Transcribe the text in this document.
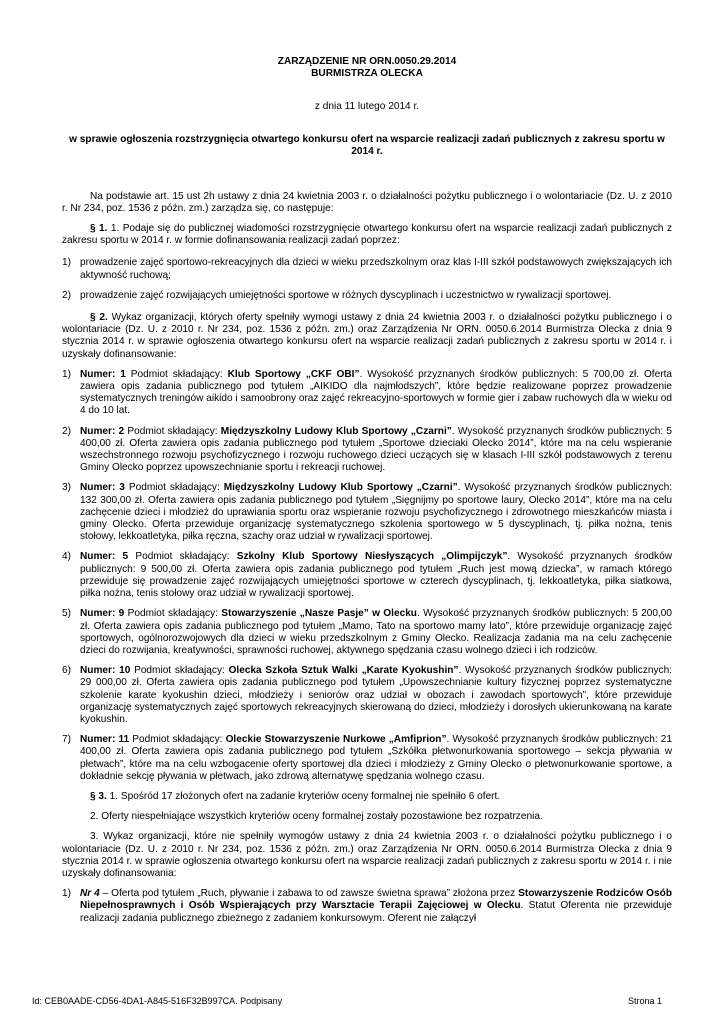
ZARZĄDZENIE NR ORN.0050.29.2014
BURMISTRZA OLECKA
z dnia 11 lutego 2014 r.
w sprawie ogłoszenia rozstrzygnięcia otwartego konkursu ofert na wsparcie realizacji zadań publicznych z zakresu sportu w 2014 r.

Na podstawie art. 15 ust 2h ustawy z dnia 24 kwietnia 2003 r. o działalności pożytku publicznego i o wolontariacie (Dz. U. z 2010 r. Nr 234, poz. 1536 z późn. zm.) zarządza się, co następuje:

§ 1. 1. Podaje się do publicznej wiadomości rozstrzygnięcie otwartego konkursu ofert na wsparcie realizacji zadań publicznych z zakresu sportu w 2014 r. w formie dofinansowania realizacji zadań poprzez:

1) prowadzenie zajęć sportowo-rekreacyjnych dla dzieci w wieku przedszkolnym oraz klas I-III szkół podstawowych zwiększających ich aktywność ruchową;
2) prowadzenie zajęć rozwijających umiejętności sportowe w różnych dyscyplinach i uczestnictwo w rywalizacji sportowej.

§ 2. Wykaz organizacji, których oferty spełniły wymogi ustawy z dnia 24 kwietnia 2003 r. o działalności pożytku publicznego i o wolontariacie (Dz. U. z 2010 r. Nr 234, poz. 1536 z późn. zm.) oraz Zarządzenia Nr ORN. 0050.6.2014 Burmistrza Olecka z dnia 9 stycznia 2014 r. w sprawie ogłoszenia otwartego konkursu ofert na wsparcie realizacji zadań publicznych z zakresu sportu w 2014 r. i uzyskały dofinansowanie:

1) Numer: 1 Podmiot składający: Klub Sportowy „CKF OBI”. Wysokość przyznanych środków publicznych: 5 700,00 zł. Oferta zawiera opis zadania publicznego pod tytułem „AIKIDO dla najmłodszych”, które będzie realizowane poprzez prowadzenie systematycznych treningów aikido i samoobrony oraz zajęć rekreacyjno-sportowych w formie gier i zabaw ruchowych dla w wieku od 4 do 10 lat.
2) Numer: 2 Podmiot składający: Międzyszkolny Ludowy Klub Sportowy „Czarni”. Wysokość przyznanych środków publicznych: 5 400,00 zł. Oferta zawiera opis zadania publicznego pod tytułem „Sportowe dzieciaki Olecko 2014”, które ma na celu wspieranie wszechstronnego rozwoju psychofizycznego i rozwoju ruchowego dzieci uczących się w klasach I-III szkół podstawowych z terenu Gminy Olecko poprzez upowszechnianie sportu i rekreacji ruchowej.
3) Numer: 3 Podmiot składający: Międzyszkolny Ludowy Klub Sportowy „Czarni”. Wysokość przyznanych środków publicznych: 132 300,00 zł. Oferta zawiera opis zadania publicznego pod tytułem „Sięgnijmy po sportowe laury, Olecko 2014”, które ma na celu zachęcenie dzieci i młodzież do uprawiania sportu oraz wspieranie rozwoju psychofizycznego i zdrowotnego mieszkańców miasta i gminy Olecko. Oferta przewiduje organizację systematycznego szkolenia sportowego w 5 dyscyplinach, tj. piłka nożna, tenis stołowy, lekkoatletyka, piłka ręczna, szachy oraz udział w rywalizacji sportowej.
4) Numer: 5 Podmiot składający: Szkolny Klub Sportowy Niesłyszących „Olimpijczyk”. Wysokość przyznanych środków publicznych: 9 500,00 zł. Oferta zawiera opis zadania publicznego pod tytułem „Ruch jest mową dziecka”, w ramach którego przewiduje się prowadzenie zajęć rozwijających umiejętności sportowe w czterech dyscyplinach, tj. lekkoatletyka, piłka siatkowa, piłka nożna, tenis stołowy oraz udział w rywalizacji sportowej.
5) Numer: 9 Podmiot składający: Stowarzyszenie „Nasze Pasje” w Olecku. Wysokość przyznanych środków publicznych: 5 200,00 zł. Oferta zawiera opis zadania publicznego pod tytułem „Mamo, Tato na sportowo mamy lato”, które przewiduje organizację zajęć sportowych, ogólnorozwojowych dla dzieci w wieku przedszkolnym z Gminy Olecko. Realizacja zadania ma na celu zachęcenie dzieci do rozwijania, kreatywności, sprawności ruchowej, aktywnego spędzania czasu wolnego dzieci i ich rodziców.
6) Numer: 10 Podmiot składający: Olecka Szkoła Sztuk Walki „Karate Kyokushin”. Wysokość przyznanych środków publicznych: 29 000,00 zł. Oferta zawiera opis zadania publicznego pod tytułem „Upowszechnianie kultury fizycznej poprzez systematyczne szkolenie karate kyokushin dzieci, młodzieży i seniorów oraz udział w obozach i zawodach sportowych”, które przewiduje organizację systematycznych zajęć sportowych rekreacyjnych skierowaną do dzieci, młodzieży i dorosłych ukierunkowaną na karate kyokushin.
7) Numer: 11 Podmiot składający: Oleckie Stowarzyszenie Nurkowe „Amfiprion”. Wysokość przyznanych środków publicznych: 21 400,00 zł. Oferta zawiera opis zadania publicznego pod tytułem „Szkółka płetwonurkowania sportowego – sekcja pływania w płetwach”, które ma na celu wzbogacenie oferty sportowej dla dzieci i młodzieży z Gminy Olecko o płetwonurkowanie sportowe, a dokładnie sekcję pływania w płetwach, jako zdrową alternatywę spędzania wolnego czasu.

§ 3. 1. Spośród 17 złożonych ofert na zadanie kryteriów oceny formalnej nie spełniło 6 ofert.

2. Oferty niespełniające wszystkich kryteriów oceny formalnej zostały pozostawione bez rozpatrzenia.

3. Wykaz organizacji, które nie spełniły wymogów ustawy z dnia 24 kwietnia 2003 r. o działalności pożytku publicznego i o wolontariacie (Dz. U. z 2010 r. Nr 234, poz. 1536 z późn. zm.) oraz Zarządzenia Nr ORN. 0050.6.2014 Burmistrza Olecka z dnia 9 stycznia 2014 r. w sprawie ogłoszenia otwartego konkursu ofert na wsparcie realizacji zadań publicznych z zakresu sportu w 2014 r. i nie uzyskały dofinansowania:

1) Nr 4 – Oferta pod tytułem „Ruch, pływanie i zabawa to od zawsze świetna sprawa” złożona przez Stowarzyszenie Rodziców Osób Niepełnosprawnych i Osób Wspierających przy Warsztacie Terapii Zajęciowej w Olecku. Statut Oferenta nie przewiduje realizacji zadania publicznego zbieżnego z zadaniem konkursowym. Oferent nie załączył
Id: CEB0AADE-CD56-4DA1-A845-516F32B997CA. Podpisany	Strona 1
